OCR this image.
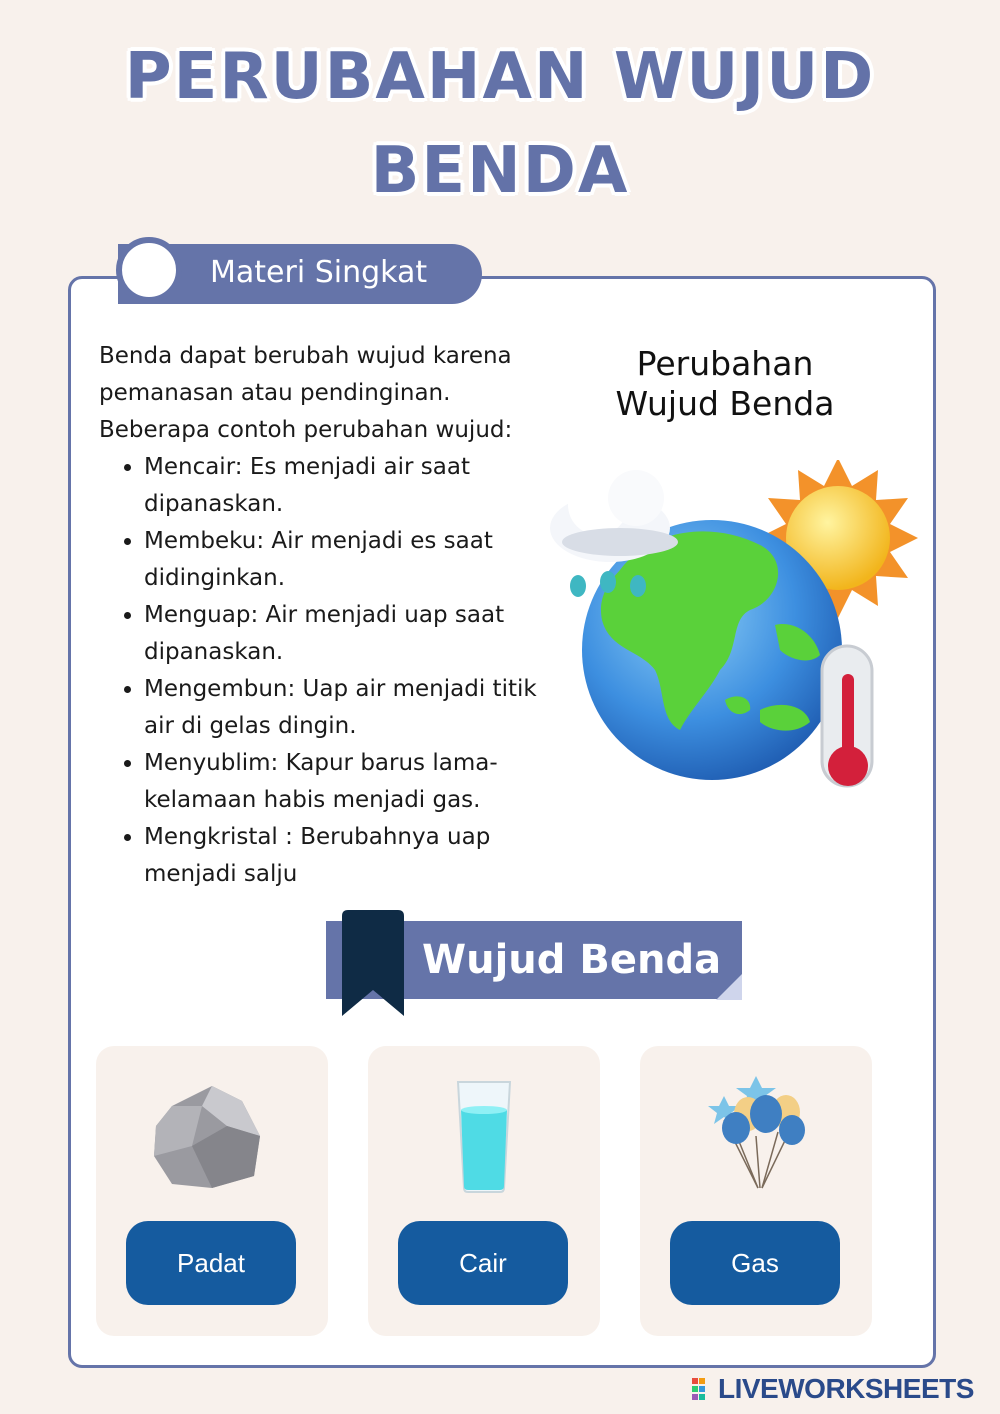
PERUBAHAN WUJUD
BENDA
Materi Singkat

Benda dapat berubah wujud karena

pemanasan atau pendinginan.

Beberapa contoh perubahan wujud:

• Mencair: Es menjadi air saat dipanaskan.
• Membeku: Air menjadi es saat didinginkan.
• Menguap: Air menjadi uap saat dipanaskan.
• Mengembun: Uap air menjadi titik air di gelas dingin.
• Menyublim: Kapur barus lama-kelamaan habis menjadi gas.
• Mengkristal : Berubahnya uap menjadi salju
Perubahan
Wujud Benda
Wujud Benda
Padat	Cair	Gas
LIVEWORKSHEETS
